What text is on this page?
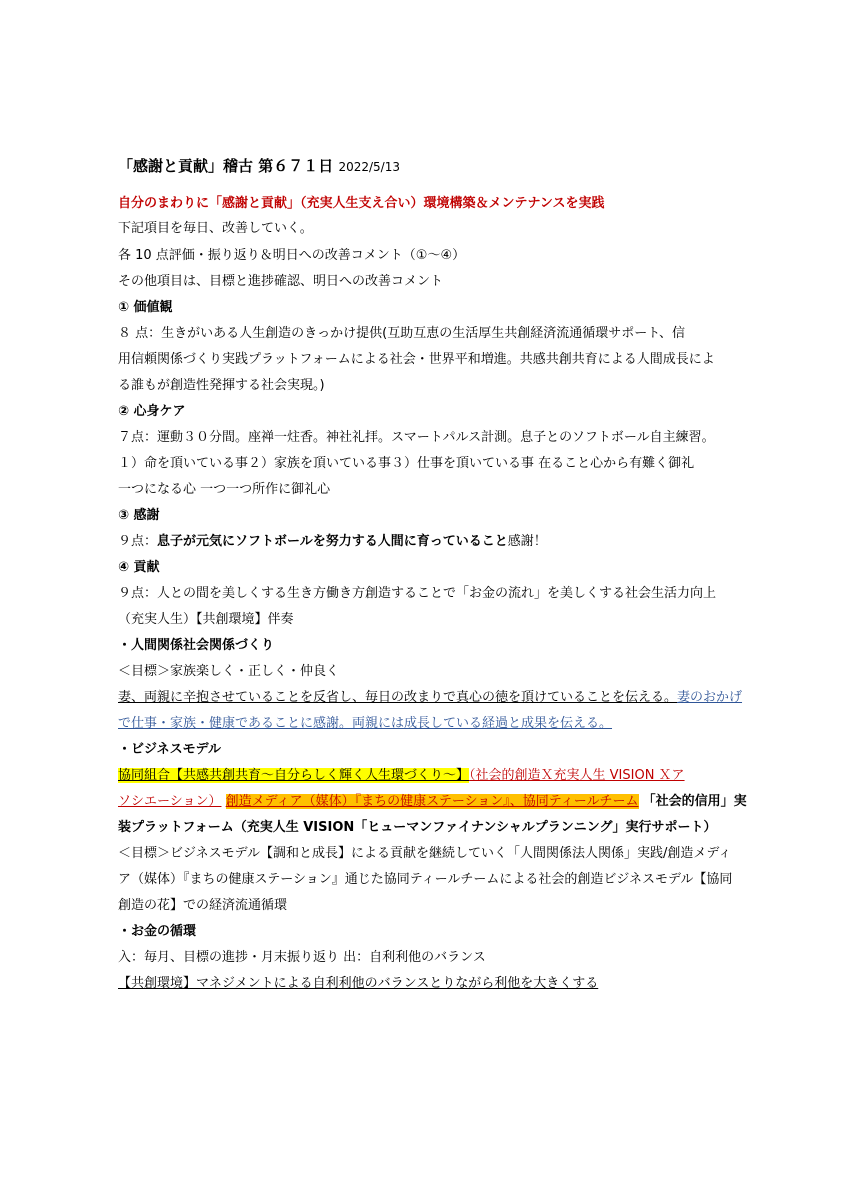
「感謝と貢献」稽古 第６７１日 2022/5/13
自分のまわりに「感謝と貢献」（充実人生支え合い）環境構築＆メンテナンスを実践
下記項目を毎日、改善していく。
各 10 点評価・振り返り＆明日への改善コメント（①～④）
その他項目は、目標と進捗確認、明日への改善コメント
① 価値観
８ 点：生きがいある人生創造のきっかけ提供(互助互恵の生活厚生共創経済流通循環サポート、信
用信頼関係づくり実践プラットフォームによる社会・世界平和増進。共感共創共育による人間成長によ
る誰もが創造性発揮する社会実現。)
② 心身ケア
７点：運動３０分間。座禅一炷香。神社礼拝。スマートパルス計測。息子とのソフトボール自主練習。
１）命を頂いている事２）家族を頂いている事３）仕事を頂いている事 在ること心から有難く御礼
一つになる心 一つ一つ所作に御礼心
③ 感謝
９点：息子が元気にソフトボールを努力する人間に育っていること感謝！
④ 貢献
９点：人との間を美しくする生き方働き方創造することで「お金の流れ」を美しくする社会生活力向上
（充実人生）【共創環境】伴奏
・人間関係社会関係づくり
＜目標＞家族楽しく・正しく・仲良く
妻、両親に辛抱させていることを反省し、毎日の改まりで真心の徳を頂けていることを伝える。妻のおかげ
で仕事・家族・健康であることに感謝。両親には成長している経過と成果を伝える。
・ビジネスモデル
協同組合【共感共創共育～自分らしく輝く人生環づくり～】（社会的創造Ｘ充実人生 VISION Ｘア
ソシエーション） 創造メディア（媒体）『まちの健康ステーション』、協同ティールチーム 「社会的信用」実
装プラットフォーム（充実人生 VISION「ヒューマンファイナンシャルプランニング」実行サポート）
＜目標＞ビジネスモデル【調和と成長】による貢献を継続していく「人間関係法人関係」実践/創造メディ
ア（媒体）『まちの健康ステーション』通じた協同ティールチームによる社会的創造ビジネスモデル【協同
創造の花】での経済流通循環
・お金の循環
入：毎月、目標の進捗・月末振り返り 出：自利利他のバランス
【共創環境】マネジメントによる自利利他のバランスとりながら利他を大きくする
